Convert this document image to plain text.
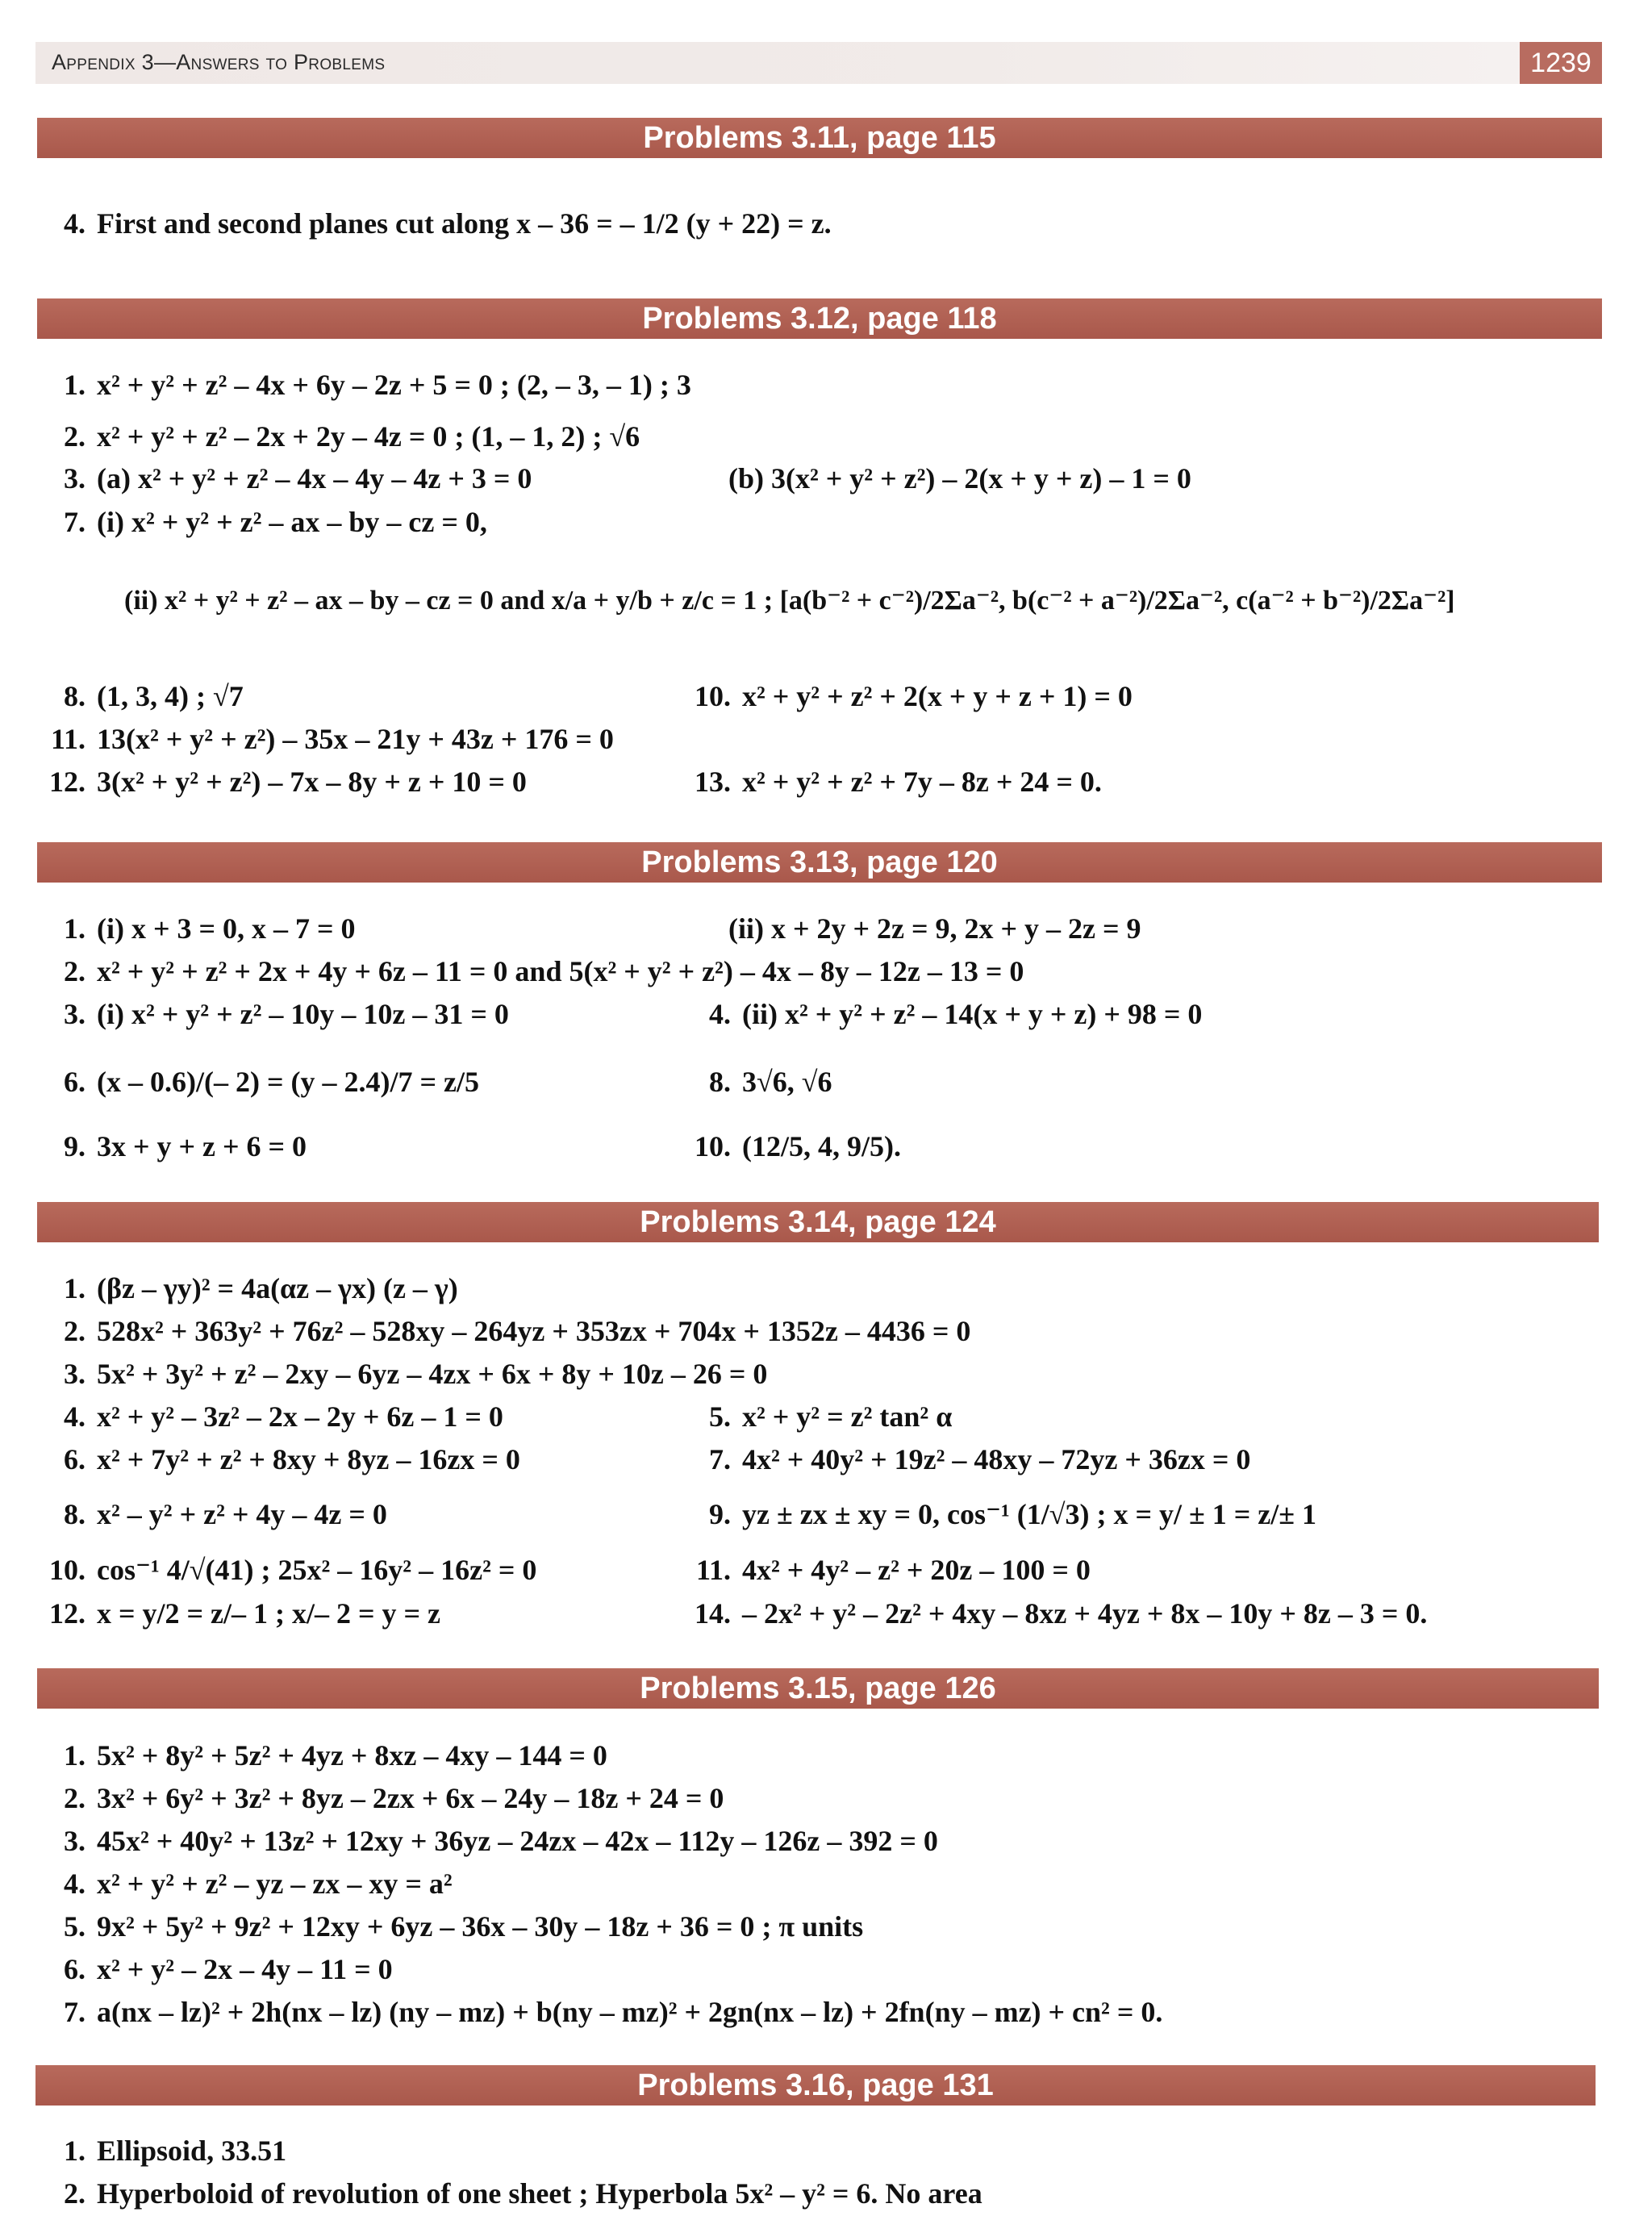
Appendix 3—Answers to Problems	1239
Problems 3.11, page 115
4. First and second planes cut along x – 36 = – 1/2 (y + 22) = z.
Problems 3.12, page 118
1. x² + y² + z² – 4x + 6y – 2z + 5 = 0 ; (2, – 3, – 1) ; 3
2. x² + y² + z² – 2x + 2y – 4z = 0 ; (1, – 1, 2) ; √6
3. (a) x² + y² + z² – 4x – 4y – 4z + 3 = 0	(b) 3(x² + y² + z²) – 2(x + y + z) – 1 = 0
7. (i) x² + y² + z² – ax – by – cz = 0,
(ii) x² + y² + z² – ax – by – cz = 0 and x/a + y/b + z/c = 1 ; [a(b⁻² + c⁻²)/2Σa⁻², b(c⁻² + a⁻²)/2Σa⁻², c(a⁻² + b⁻²)/2Σa⁻²]
8. (1, 3, 4) ; √7	10. x² + y² + z² + 2(x + y + z + 1) = 0
11. 13(x² + y² + z²) – 35x – 21y + 43z + 176 = 0
12. 3(x² + y² + z²) – 7x – 8y + z + 10 = 0	13. x² + y² + z² + 7y – 8z + 24 = 0.
Problems 3.13, page 120
1. (i) x + 3 = 0, x – 7 = 0	(ii) x + 2y + 2z = 9, 2x + y – 2z = 9
2. x² + y² + z² + 2x + 4y + 6z – 11 = 0 and 5(x² + y² + z²) – 4x – 8y – 12z – 13 = 0
3. (i) x² + y² + z² – 10y – 10z – 31 = 0	4. (ii) x² + y² + z² – 14(x + y + z) + 98 = 0
6. (x – 0.6)/(– 2) = (y – 2.4)/7 = z/5	8. 3√6, √6
9. 3x + y + z + 6 = 0	10. (12/5, 4, 9/5).
Problems 3.14, page 124
1. (βz – γy)² = 4a(αz – γx) (z – γ)
2. 528x² + 363y² + 76z² – 528xy – 264yz + 353zx + 704x + 1352z – 4436 = 0
3. 5x² + 3y² + z² – 2xy – 6yz – 4zx + 6x + 8y + 10z – 26 = 0
4. x² + y² – 3z² – 2x – 2y + 6z – 1 = 0	5. x² + y² = z² tan² α
6. x² + 7y² + z² + 8xy + 8yz – 16zx = 0	7. 4x² + 40y² + 19z² – 48xy – 72yz + 36zx = 0
8. x² – y² + z² + 4y – 4z = 0	9. yz ± zx ± xy = 0, cos⁻¹ (1/√3) ; x = y/ ± 1 = z/± 1
10. cos⁻¹ 4/√(41) ; 25x² – 16y² – 16z² = 0	11. 4x² + 4y² – z² + 20z – 100 = 0
12. x = y/2 = z/– 1 ; x/– 2 = y = z	14. – 2x² + y² – 2z² + 4xy – 8xz + 4yz + 8x – 10y + 8z – 3 = 0.
Problems 3.15, page 126
1. 5x² + 8y² + 5z² + 4yz + 8xz – 4xy – 144 = 0
2. 3x² + 6y² + 3z² + 8yz – 2zx + 6x – 24y – 18z + 24 = 0
3. 45x² + 40y² + 13z² + 12xy + 36yz – 24zx – 42x – 112y – 126z – 392 = 0
4. x² + y² + z² – yz – zx – xy = a²
5. 9x² + 5y² + 9z² + 12xy + 6yz – 36x – 30y – 18z + 36 = 0 ; π units
6. x² + y² – 2x – 4y – 11 = 0
7. a(nx – lz)² + 2h(nx – lz) (ny – mz) + b(ny – mz)² + 2gn(nx – lz) + 2fn(ny – mz) + cn² = 0.
Problems 3.16, page 131
1. Ellipsoid, 33.51
2. Hyperboloid of revolution of one sheet ; Hyperbola 5x² – y² = 6. No area
